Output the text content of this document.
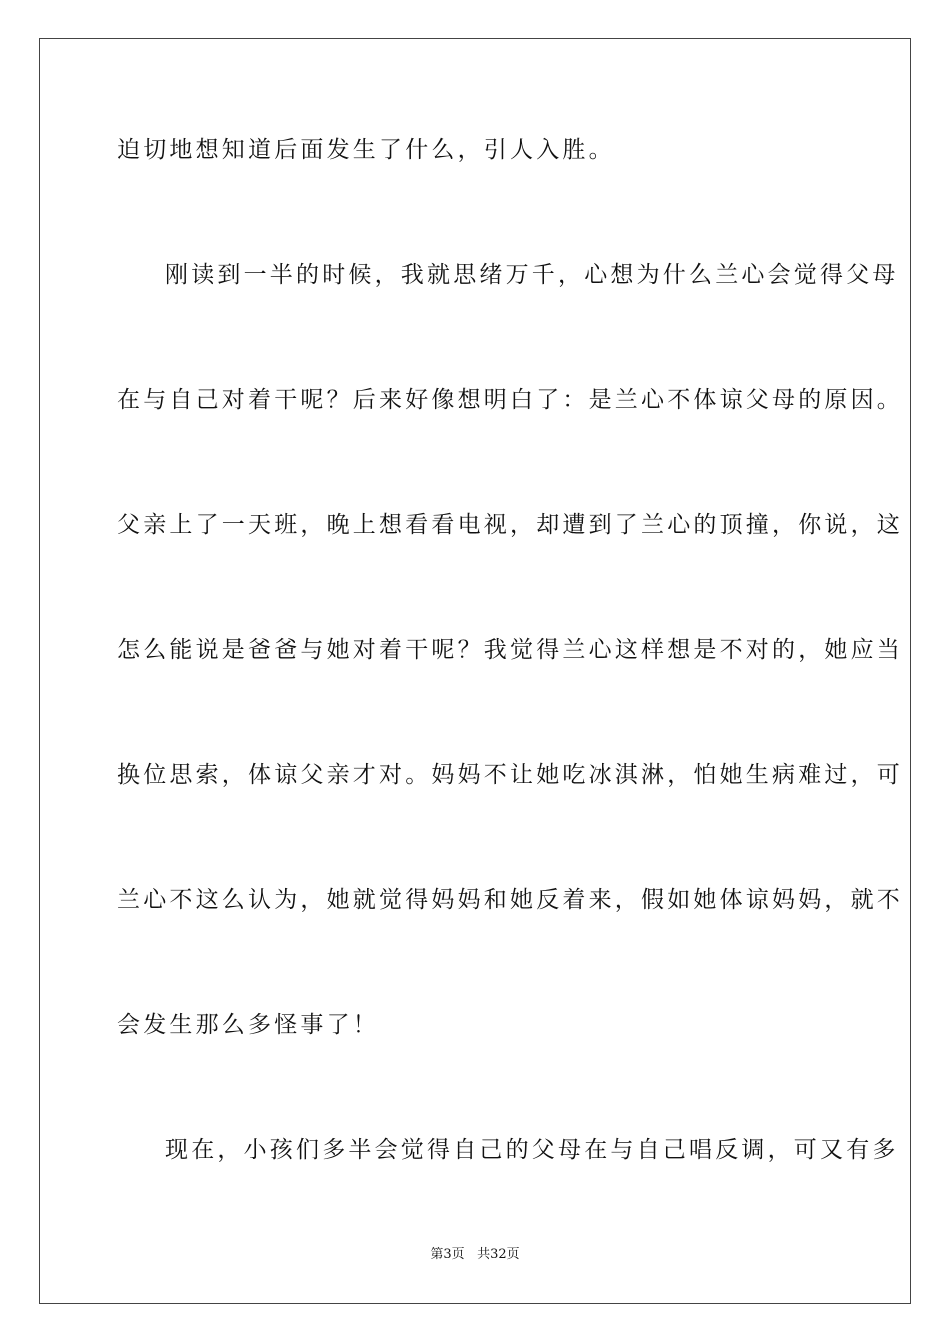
迫切地想知道后面发生了什么，引人入胜。
刚读到一半的时候，我就思绪万千，心想为什么兰心会觉得父母
在与自己对着干呢？后来好像想明白了：是兰心不体谅父母的原因。
父亲上了一天班，晚上想看看电视，却遭到了兰心的顶撞，你说，这
怎么能说是爸爸与她对着干呢？我觉得兰心这样想是不对的，她应当
换位思索，体谅父亲才对。妈妈不让她吃冰淇淋，怕她生病难过，可
兰心不这么认为，她就觉得妈妈和她反着来，假如她体谅妈妈，就不
会发生那么多怪事了！
现在，小孩们多半会觉得自己的父母在与自己唱反调，可又有多
第3页 共32页
